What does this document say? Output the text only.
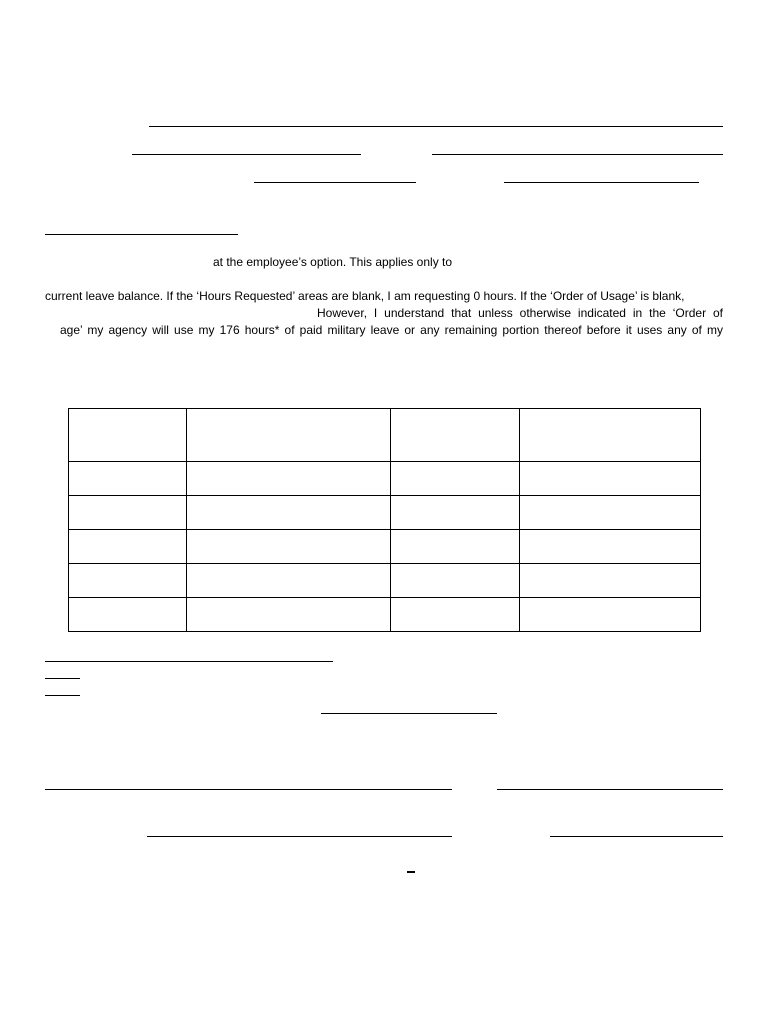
at the employee’s option. This applies only to
current leave balance. If the ‘Hours Requested’ areas are blank, I am requesting 0 hours. If the ‘Order of Usage’ is blank,
However, I understand that unless otherwise indicated in the ‘Order of
age’ my agency will use my 176 hours* of paid military leave or any remaining portion thereof before it uses any of my
